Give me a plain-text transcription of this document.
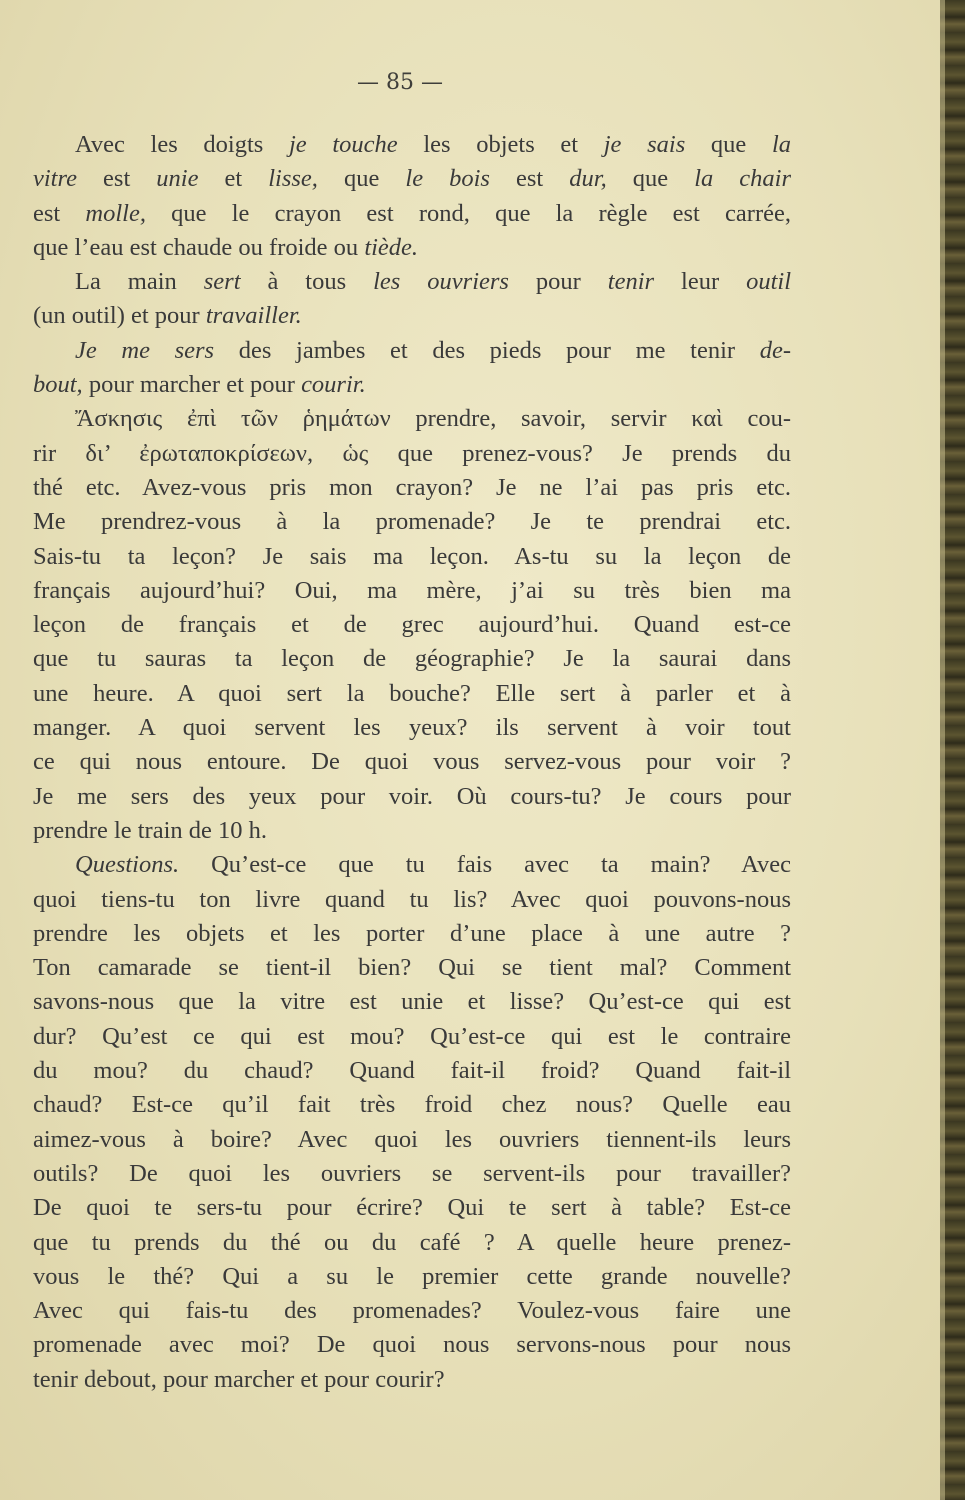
— 85 —
Avec les doigts je touche les objets et je sais que la
vitre est unie et lisse, que le bois est dur, que la chair
est molle, que le crayon est rond, que la règle est carrée,
que l’eau est chaude ou froide ou tiède.
La main sert à tous les ouvriers pour tenir leur outil
(un outil) et pour travailler.
Je me sers des jambes et des pieds pour me tenir de-
bout, pour marcher et pour courir.
Ἄσκησις ἐπὶ τῶν ῥημάτων prendre, savoir, servir καὶ cou-
rir δι’ ἐρωταποκρίσεων, ὡς que prenez-vous? Je prends du
thé etc. Avez-vous pris mon crayon? Je ne l’ai pas pris etc.
Me prendrez-vous à la promenade? Je te prendrai etc.
Sais-tu ta leçon? Je sais ma leçon. As-tu su la leçon de
français aujourd’hui? Oui, ma mère, j’ai su très bien ma
leçon de français et de grec aujourd’hui. Quand est-ce
que tu sauras ta leçon de géographie? Je la saurai dans
une heure. A quoi sert la bouche? Elle sert à parler et à
manger. A quoi servent les yeux? ils servent à voir tout
ce qui nous entoure. De quoi vous servez-vous pour voir ?
Je me sers des yeux pour voir. Où cours-tu? Je cours pour
prendre le train de 10 h.
Questions. Qu’est-ce que tu fais avec ta main? Avec
quoi tiens-tu ton livre quand tu lis? Avec quoi pouvons-nous
prendre les objets et les porter d’une place à une autre ?
Ton camarade se tient-il bien? Qui se tient mal? Comment
savons-nous que la vitre est unie et lisse? Qu’est-ce qui est
dur? Qu’est ce qui est mou? Qu’est-ce qui est le contraire
du mou? du chaud? Quand fait-il froid? Quand fait-il
chaud? Est-ce qu’il fait très froid chez nous? Quelle eau
aimez-vous à boire? Avec quoi les ouvriers tiennent-ils leurs
outils? De quoi les ouvriers se servent-ils pour travailler?
De quoi te sers-tu pour écrire? Qui te sert à table? Est-ce
que tu prends du thé ou du café ? A quelle heure prenez-
vous le thé? Qui a su le premier cette grande nouvelle?
Avec qui fais-tu des promenades? Voulez-vous faire une
promenade avec moi? De quoi nous servons-nous pour nous
tenir debout, pour marcher et pour courir?
